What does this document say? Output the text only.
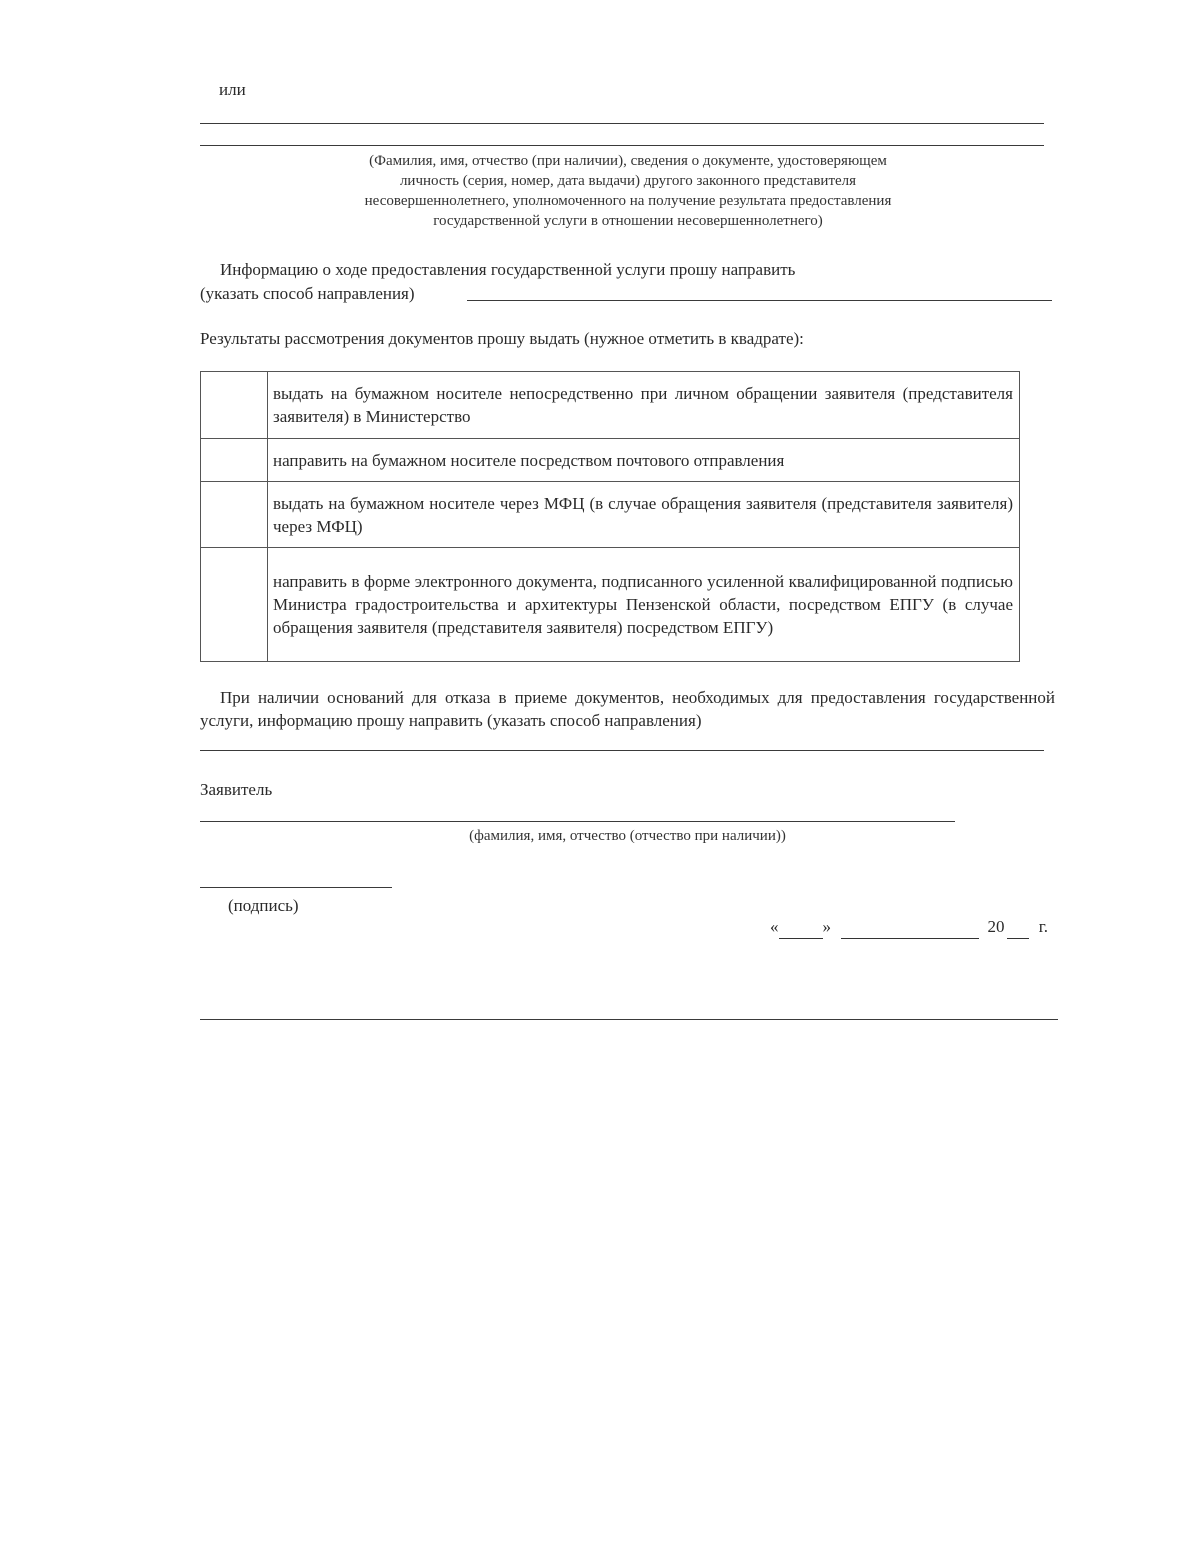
или
(Фамилия, имя, отчество (при наличии), сведения о документе, удостоверяющем
личность (серия, номер, дата выдачи) другого законного представителя
несовершеннолетнего, уполномоченного на получение результата предоставления
государственной услуги в отношении несовершеннолетнего)
Информацию о ходе предоставления государственной услуги прошу направить
(указать способ направления)
Результаты рассмотрения документов прошу выдать (нужное отметить в квадрате):
	выдать на бумажном носителе непосредственно при личном обращении заявителя (представителя заявителя) в Министерство
	направить на бумажном носителе посредством почтового отправления
	выдать на бумажном носителе через МФЦ (в случае обращения заявителя (представителя заявителя) через МФЦ)
	направить в форме электронного документа, подписанного усиленной квалифицированной подписью Министра градостроительства и архитектуры Пензенской области, посредством ЕПГУ (в случае обращения заявителя (представителя заявителя) посредством ЕПГУ)
При наличии оснований для отказа в приеме документов, необходимых для предоставления государственной услуги, информацию прошу направить (указать способ направления)
Заявитель
(фамилия, имя, отчество (отчество при наличии))
(подпись)
«	»	20 г.
